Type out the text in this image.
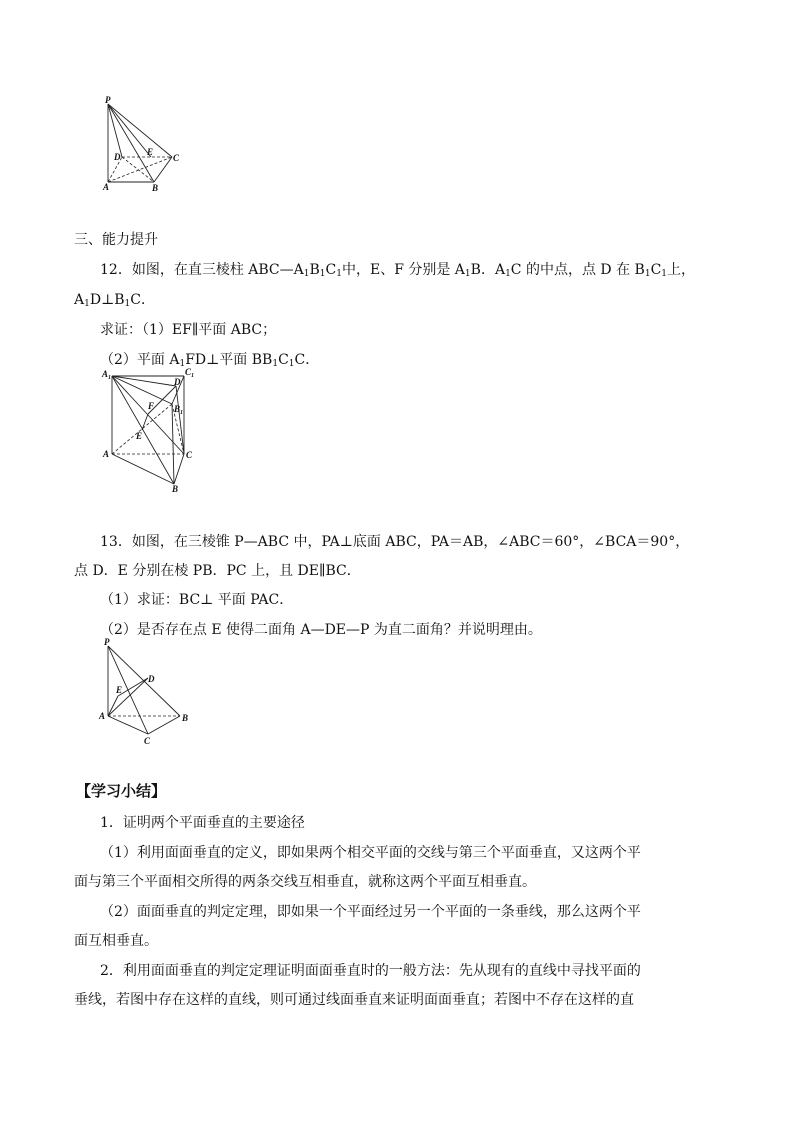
P
D	E
C
A	B
三、能力提升
12．如图，在直三棱柱 $ABC—A_1B_1C_1$中，E、F 分别是 $A_1B$．$A_1C$ 的中点，点 D 在 $B_1C_1$上，
$A_1D\perp B_1C$．
求证：（1）EF∥平面 ABC；
（2）平面 $A_1FD\perp$平面 $BB_1C_1C$．
$A_1$
$C_1$
D
F $B_1$
E
A	C
B
13．如图，在三棱锥 P—ABC 中，PA⊥底面 ABC，PA＝AB，∠ABC＝60°，∠BCA＝90°，
点 D．E 分别在棱 PB．PC 上，且 DE∥BC．
（1）求证：BC⊥ 平面 PAC．
（2）是否存在点 E 使得二面角 A—DE—P 为直二面角？并说明理由。
P
D
E
A	B
C
【学习小结】
1．证明两个平面垂直的主要途径
（1）利用面面垂直的定义，即如果两个相交平面的交线与第三个平面垂直，又这两个平
面与第三个平面相交所得的两条交线互相垂直，就称这两个平面互相垂直。
（2）面面垂直的判定定理，即如果一个平面经过另一个平面的一条垂线，那么这两个平
面互相垂直。
2．利用面面垂直的判定定理证明面面垂直时的一般方法：先从现有的直线中寻找平面的
垂线，若图中存在这样的直线，则可通过线面垂直来证明面面垂直；若图中不存在这样的直
